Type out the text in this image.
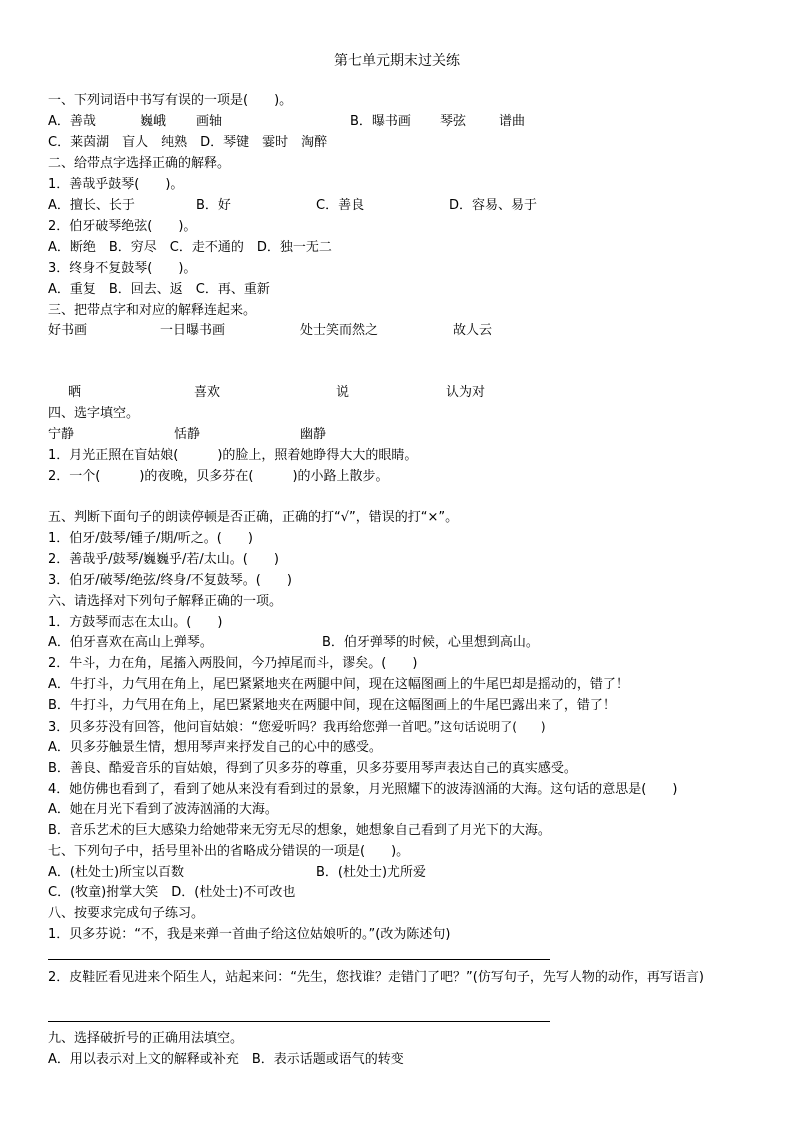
第七单元期末过关练
一、下列词语中书写有误的一项是(　　)。
A．善哉	巍峨 画轴	B．曝书画 琴弦	谱曲
C．莱茵湖　盲人　纯熟　D．琴键　霎时　淘醉
二、给带点字选择正确的解释。
1．善哉乎鼓琴(　　)。
A．擅长、长于	B．好	C．善良	D．容易、易于
2．伯牙破琴绝弦(　　)。
A．断绝　B．穷尽　C．走不通的　D．独一无二
3．终身不复鼓琴(　　)。
A．重复　B．回去、返　C．再、重新
三、把带点字和对应的解释连起来。
好书画	一日曝书画	处士笑而然之	故人云
晒	喜欢	说	认为对
四、选字填空。
宁静	恬静	幽静
1．月光正照在盲姑娘(　　　)的脸上，照着她睁得大大的眼睛。
2．一个(　　　)的夜晚，贝多芬在(　　　)的小路上散步。
五、判断下面句子的朗读停顿是否正确，正确的打“√”，错误的打“×”。
1．伯牙/鼓琴/锺子/期/听之。(　　)
2．善哉乎/鼓琴/巍巍乎/若/太山。(　　)
3．伯牙/破琴/绝弦/终身/不复鼓琴。(　　)
六、请选择对下列句子解释正确的一项。
1．方鼓琴而志在太山。(　　)
A．伯牙喜欢在高山上弹琴。	B．伯牙弹琴的时候，心里想到高山。
2．牛斗，力在角，尾搐入两股间，今乃掉尾而斗，谬矣。(　　)
A．牛打斗，力气用在角上，尾巴紧紧地夹在两腿中间，现在这幅图画上的牛尾巴却是摇动的，错了！
B．牛打斗，力气用在角上，尾巴紧紧地夹在两腿中间，现在这幅图画上的牛尾巴露出来了，错了！
3．贝多芬没有回答，他问盲姑娘：“您爱听吗？我再给您弹一首吧。”这句话说明了(　　)
A．贝多芬触景生情，想用琴声来抒发自己的心中的感受。
B．善良、酷爱音乐的盲姑娘，得到了贝多芬的尊重，贝多芬要用琴声表达自己的真实感受。
4．她仿佛也看到了，看到了她从来没有看到过的景象，月光照耀下的波涛汹涌的大海。这句话的意思是(　　)
A．她在月光下看到了波涛汹涌的大海。
B．音乐艺术的巨大感染力给她带来无穷无尽的想象，她想象自己看到了月光下的大海。
七、下列句子中，括号里补出的省略成分错误的一项是(　　)。
A．(杜处士)所宝以百数	B．(杜处士)尤所爱
C．(牧童)拊掌大笑　D．(杜处士)不可改也
八、按要求完成句子练习。
1．贝多芬说：“不，我是来弹一首曲子给这位姑娘听的。”(改为陈述句)
2．皮鞋匠看见进来个陌生人，站起来问：“先生，您找谁？走错门了吧？”(仿写句子，先写人物的动作，再写语言)
九、选择破折号的正确用法填空。
A．用以表示对上文的解释或补充　B．表示话题或语气的转变
